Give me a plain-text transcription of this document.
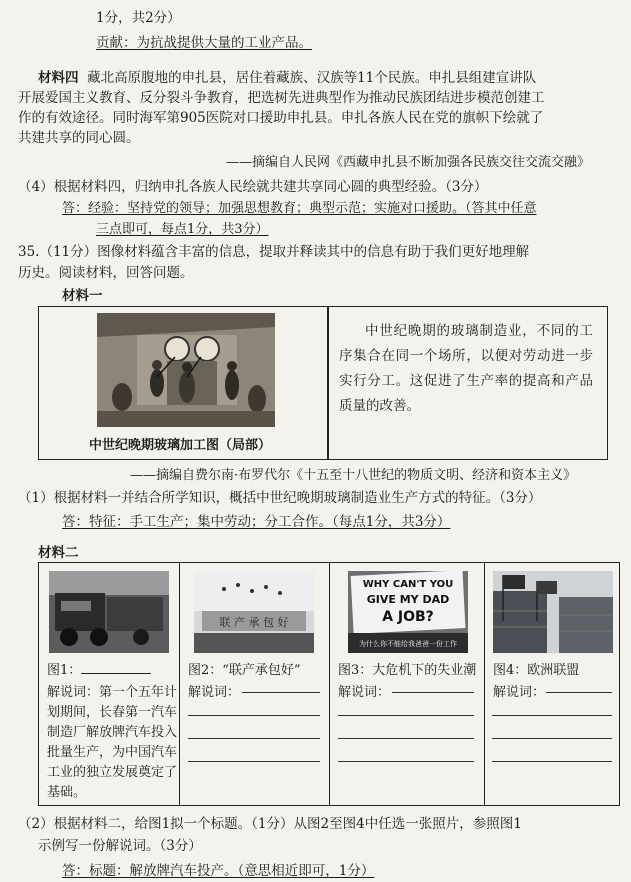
1分，共2分）
贡献：为抗战提供大量的工业产品。

材料四 藏北高原腹地的申扎县，居住着藏族、汉族等11个民族。申扎县组建宣讲队

开展爱国主义教育、反分裂斗争教育，把选树先进典型作为推动民族团结进步模范创建工

作的有效途径。同时海军第905医院对口援助申扎县。申扎各族人民在党的旗帜下绘就了

共建共享的同心圆。

——摘编自人民网《西藏申扎县不断加强各民族交往交流交融》
（4）根据材料四，归纳申扎各族人民绘就共建共享同心圆的典型经验。（3分）
答：经验：坚持党的领导；加强思想教育；典型示范；实施对口援助。（答其中任意
三点即可，每点1分，共3分）
35.（11分）图像材料蕴含丰富的信息，提取并释读其中的信息有助于我们更好地理解
历史。阅读材料，回答问题。
材料一
中世纪晚期玻璃加工图（局部）
中世纪晚期的玻璃制造业，不同的工序集合在同一个场所，以便对劳动进一步实行分工。这促进了生产率的提高和产品质量的改善。
——摘编自费尔南·布罗代尔《十五至十八世纪的物质文明、经济和资本主义》
（1）根据材料一并结合所学知识，概括中世纪晚期玻璃制造业生产方式的特征。（3分）
答：特征：手工生产；集中劳动；分工合作。（每点1分，共3分）
材料二
图1：
解说词：第一个五年计
划期间，长春第一汽车
制造厂解放牌汽车投入
批量生产，为中国汽车
工业的独立发展奠定了
基础。
联 产 承 包 好
图2：“联产承包好”
解说词：
WHY CAN'T YOU
GIVE MY DAD
A JOB?
为什么你不能给我爸爸一份工作
图3：大危机下的失业潮
解说词：
图4：欧洲联盟
解说词：
（2）根据材料二，给图1拟一个标题。（1分）从图2至图4中任选一张照片，参照图1
示例写一份解说词。（3分）
答：标题：解放牌汽车投产。（意思相近即可，1分）
